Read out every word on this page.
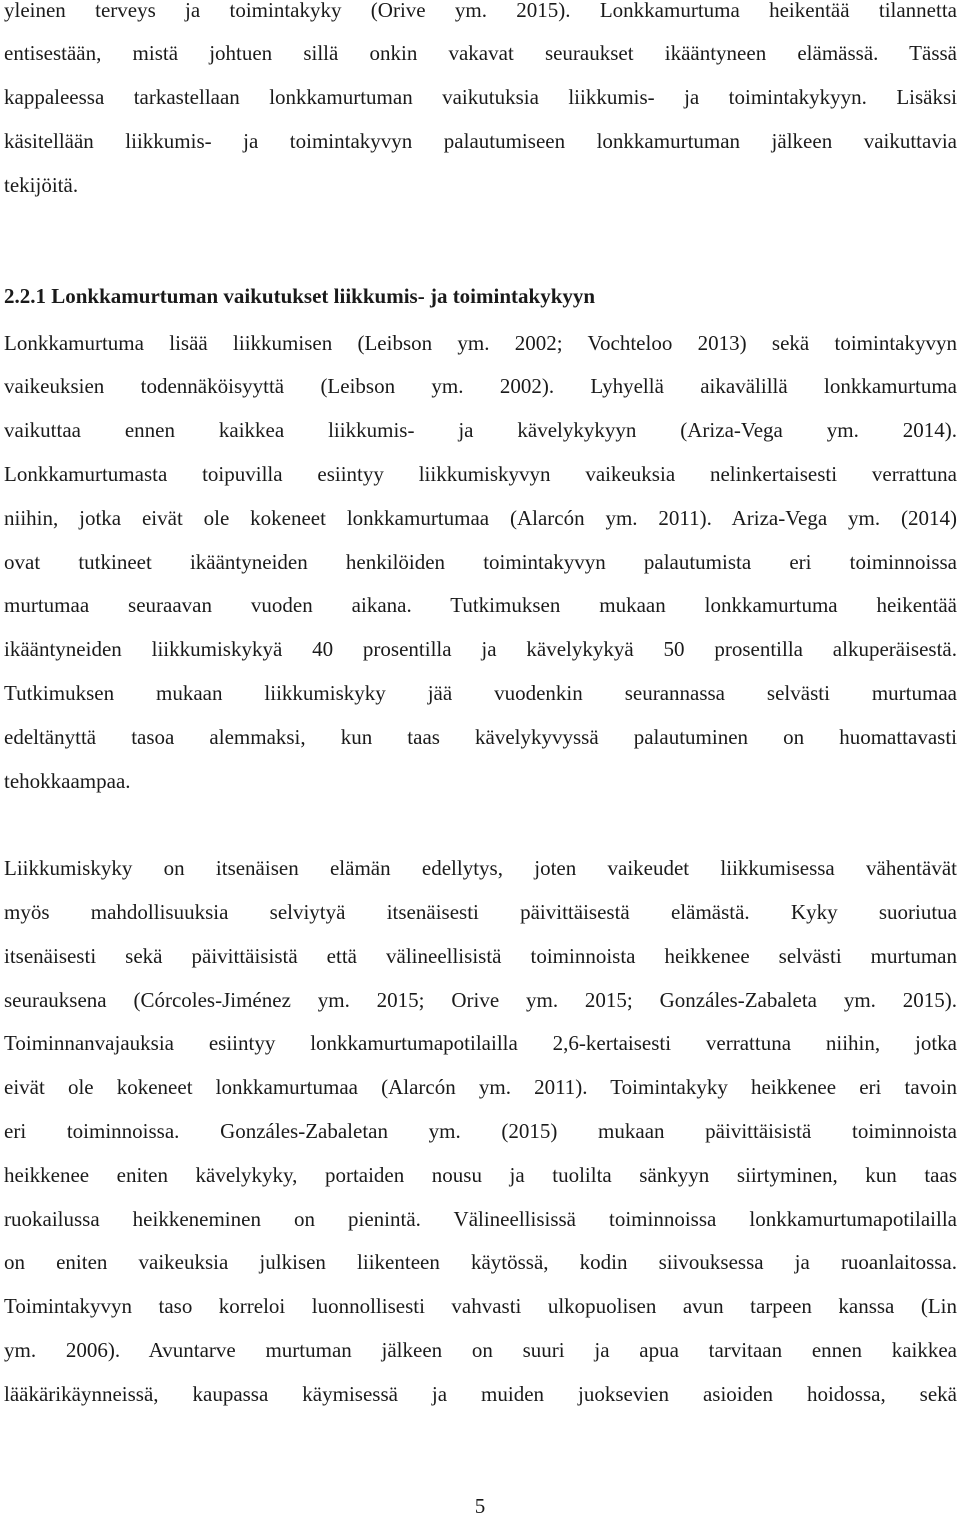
yleinen terveys ja toimintakyky (Orive ym. 2015). Lonkkamurtuma heikentää tilannetta
entisestään, mistä johtuen sillä onkin vakavat seuraukset ikääntyneen elämässä. Tässä
kappaleessa tarkastellaan lonkkamurtuman vaikutuksia liikkumis- ja toimintakykyyn. Lisäksi
käsitellään liikkumis- ja toimintakyvyn palautumiseen lonkkamurtuman jälkeen vaikuttavia
tekijöitä.
2.2.1 Lonkkamurtuman vaikutukset liikkumis- ja toimintakykyyn
Lonkkamurtuma lisää liikkumisen (Leibson ym. 2002; Vochteloo 2013) sekä toimintakyvyn
vaikeuksien todennäköisyyttä (Leibson ym. 2002). Lyhyellä aikavälillä lonkkamurtuma
vaikuttaa ennen kaikkea liikkumis- ja kävelykykyyn (Ariza-Vega ym. 2014).
Lonkkamurtumasta toipuvilla esiintyy liikkumiskyvyn vaikeuksia nelinkertaisesti verrattuna
niihin, jotka eivät ole kokeneet lonkkamurtumaa (Alarcón ym. 2011). Ariza-Vega ym. (2014)
ovat tutkineet ikääntyneiden henkilöiden toimintakyvyn palautumista eri toiminnoissa
murtumaa seuraavan vuoden aikana. Tutkimuksen mukaan lonkkamurtuma heikentää
ikääntyneiden liikkumiskykyä 40 prosentilla ja kävelykykyä 50 prosentilla alkuperäisestä.
Tutkimuksen mukaan liikkumiskyky jää vuodenkin seurannassa selvästi murtumaa
edeltänyttä tasoa alemmaksi, kun taas kävelykyvyssä palautuminen on huomattavasti
tehokkaampaa.
Liikkumiskyky on itsenäisen elämän edellytys, joten vaikeudet liikkumisessa vähentävät
myös mahdollisuuksia selviytyä itsenäisesti päivittäisestä elämästä. Kyky suoriutua
itsenäisesti sekä päivittäisistä että välineellisistä toiminnoista heikkenee selvästi murtuman
seurauksena (Córcoles-Jiménez ym. 2015; Orive ym. 2015; Gonzáles-Zabaleta ym. 2015).
Toiminnanvajauksia esiintyy lonkkamurtumapotilailla 2,6-kertaisesti verrattuna niihin, jotka
eivät ole kokeneet lonkkamurtumaa (Alarcón ym. 2011). Toimintakyky heikkenee eri tavoin
eri toiminnoissa. Gonzáles-Zabaletan ym. (2015) mukaan päivittäisistä toiminnoista
heikkenee eniten kävelykyky, portaiden nousu ja tuolilta sänkyyn siirtyminen, kun taas
ruokailussa heikkeneminen on pienintä. Välineellisissä toiminnoissa lonkkamurtumapotilailla
on eniten vaikeuksia julkisen liikenteen käytössä, kodin siivouksessa ja ruoanlaitossa.
Toimintakyvyn taso korreloi luonnollisesti vahvasti ulkopuolisen avun tarpeen kanssa (Lin
ym. 2006). Avuntarve murtuman jälkeen on suuri ja apua tarvitaan ennen kaikkea
lääkärikäynneissä, kaupassa käymisessä ja muiden juoksevien asioiden hoidossa, sekä
5
